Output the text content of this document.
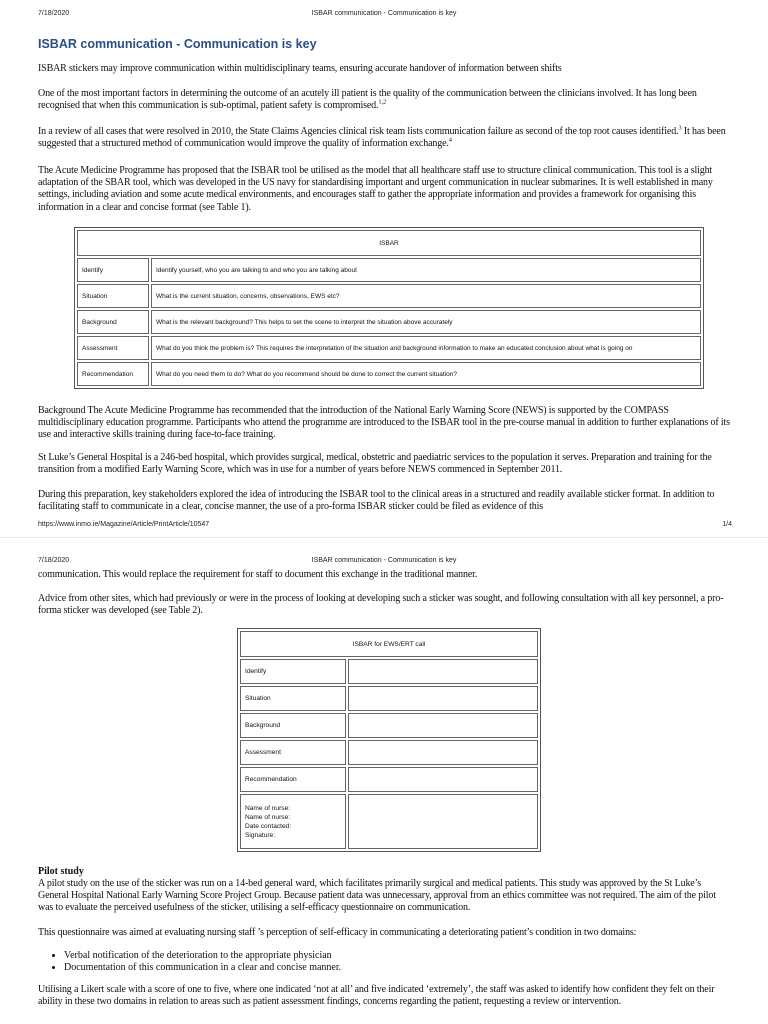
7/18/2020	ISBAR communication - Communication is key
ISBAR communication - Communication is key

ISBAR stickers may improve communication within multidisciplinary teams, ensuring accurate handover of information between shifts

One of the most important factors in determining the outcome of an acutely ill patient is the quality of the communication between the clinicians involved. It has long been recognised that when this communication is sub-optimal, patient safety is compromised.$^{1,2}$

In a review of all cases that were resolved in 2010, the State Claims Agencies clinical risk team lists communication failure as second of the top root causes identified.$^3$ It has been suggested that a structured method of communication would improve the quality of information exchange.$^4$

The Acute Medicine Programme has proposed that the ISBAR tool be utilised as the model that all healthcare staff use to structure clinical communication. This tool is a slight adaptation of the SBAR tool, which was developed in the US navy for standardising important and urgent communication in nuclear submarines. It is well established in many settings, including aviation and some acute medical environments, and encourages staff to gather the appropriate information and provides a framework for organising this information in a clear and concise format (see Table 1).

ISBAR	
Identify	Identify yourself, who you are talking to and who you are talking about
Situation	What is the current situation, concerns, observations, EWS etc?
Background	What is the relevant background? This helps to set the scene to interpret the situation above accurately
Assessment	What do you think the problem is? This requires the interpretation of the situation and background information to make an educated conclusion about what is going on
Recommendation	What do you need them to do? What do you recommend should be done to correct the current situation?

Background The Acute Medicine Programme has recommended that the introduction of the National Early Warning Score (NEWS) is supported by the COMPASS multidisciplinary education programme. Participants who attend the programme are introduced to the ISBAR tool in the pre-course manual in addition to further explanations of its use and interactive skills training during face-to-face training.

St Luke’s General Hospital is a 246-bed hospital, which provides surgical, medical, obstetric and paediatric services to the population it serves. Preparation and training for the transition from a modified Early Warning Score, which was in use for a number of years before NEWS commenced in September 2011.

During this preparation, key stakeholders explored the idea of introducing the ISBAR tool to the clinical areas in a structured and readily available sticker format. In addition to facilitating staff to communicate in a clear, concise manner, the use of a pro-forma ISBAR sticker could be filed as evidence of this

https://www.inmo.ie/Magazine/Article/PrintArticle/10547	1/4
7/18/2020	ISBAR communication - Communication is key

communication. This would replace the requirement for staff to document this exchange in the traditional manner.

Advice from other sites, which had previously or were in the process of looking at developing such a sticker was sought, and following consultation with all key personnel, a pro-forma sticker was developed (see Table 2).

ISBAR for EWS/ERT call	
Identify	
Situation	
Background	
Assessment	
Recommendation	

Name of nurse:
Name of nurse:
Date contacted:
Signature:	

Pilot study

A pilot study on the use of the sticker was run on a 14-bed general ward, which facilitates primarily surgical and medical patients. This study was approved by the St Luke’s General Hospital National Early Warning Score Project Group. Because patient data was unnecessary, approval from an ethics committee was not required. The aim of the pilot was to evaluate the perceived usefulness of the sticker, utilising a self-efficacy questionnaire on communication.

This questionnaire was aimed at evaluating nursing staff ’s perception of self-efficacy in communicating a deteriorating patient’s condition in two domains:

• Verbal notification of the deterioration to the appropriate physician
• Documentation of this communication in a clear and concise manner.

Utilising a Likert scale with a score of one to five, where one indicated ‘not at all’ and five indicated ‘extremely’, the staff was asked to identify how confident they felt on their ability in these two domains in relation to areas such as patient assessment findings, concerns regarding the patient, requesting a review or intervention.
